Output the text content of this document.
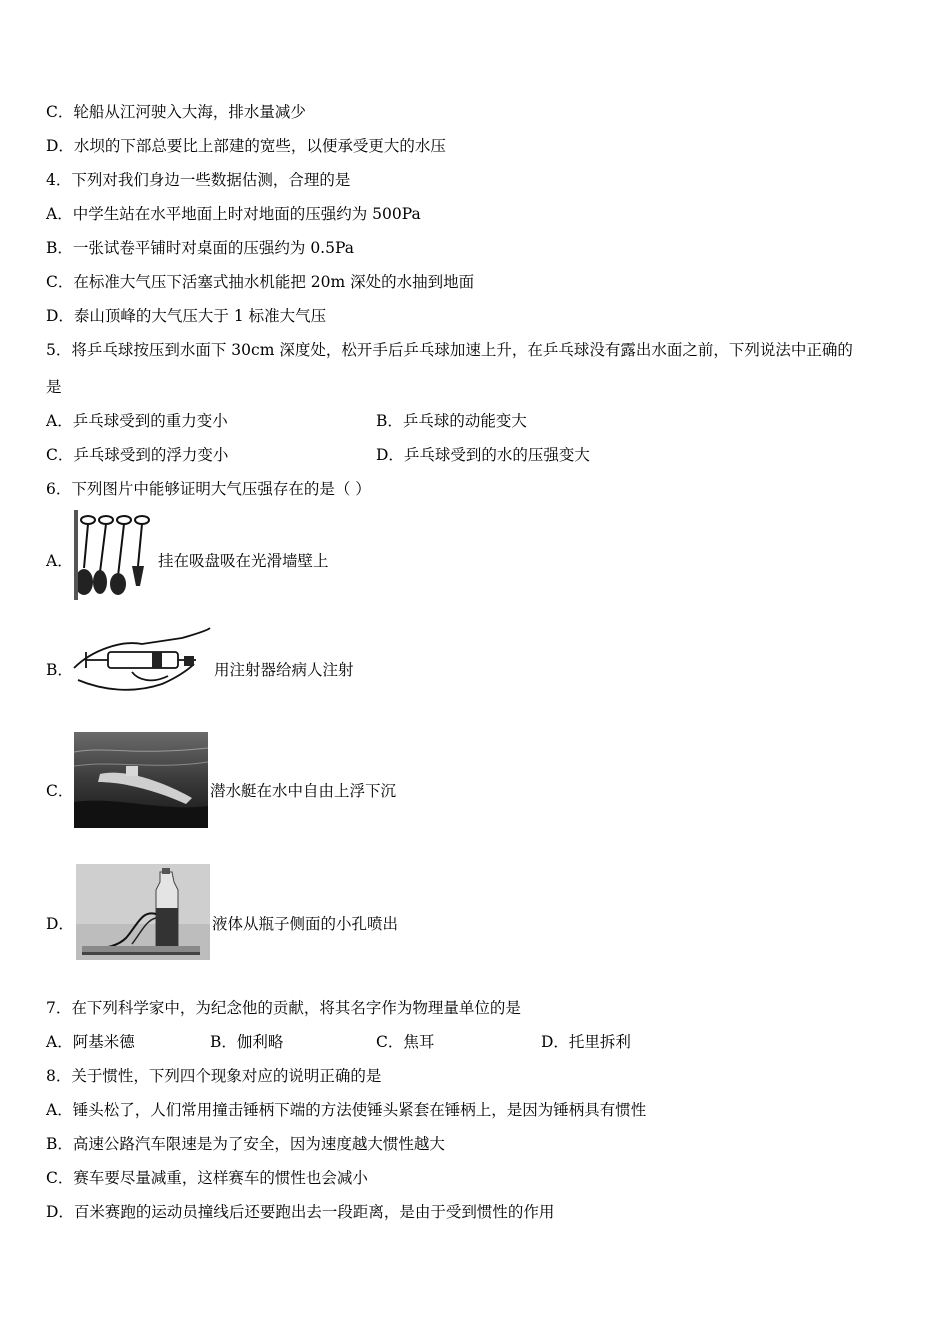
C．轮船从江河驶入大海，排水量减少
D．水坝的下部总要比上部建的宽些，以便承受更大的水压
4．下列对我们身边一些数据估测，合理的是
A．中学生站在水平地面上时对地面的压强约为 500Pa
B．一张试卷平铺时对桌面的压强约为 0.5Pa
C．在标准大气压下活塞式抽水机能把 20m 深处的水抽到地面
D．泰山顶峰的大气压大于 1 标准大气压
5．将乒乓球按压到水面下 30cm 深度处，松开手后乒乓球加速上升，在乒乓球没有露出水面之前，下列说法中正确的
是
A．乒乓球受到的重力变小	B．乒乓球的动能变大
C．乒乓球受到的浮力变小	D．乒乓球受到的水的压强变大
6．下列图片中能够证明大气压强存在的是（ ）
A．	挂在吸盘吸在光滑墙壁上
B．	用注射器给病人注射
C．	潜水艇在水中自由上浮下沉
D．	液体从瓶子侧面的小孔喷出
7．在下列科学家中，为纪念他的贡献，将其名字作为物理量单位的是
A．阿基米德	B．伽利略	C．焦耳	D．托里拆利
8．关于惯性，下列四个现象对应的说明正确的是
A．锤头松了，人们常用撞击锤柄下端的方法使锤头紧套在锤柄上，是因为锤柄具有惯性
B．高速公路汽车限速是为了安全，因为速度越大惯性越大
C．赛车要尽量减重，这样赛车的惯性也会减小
D．百米赛跑的运动员撞线后还要跑出去一段距离，是由于受到惯性的作用
